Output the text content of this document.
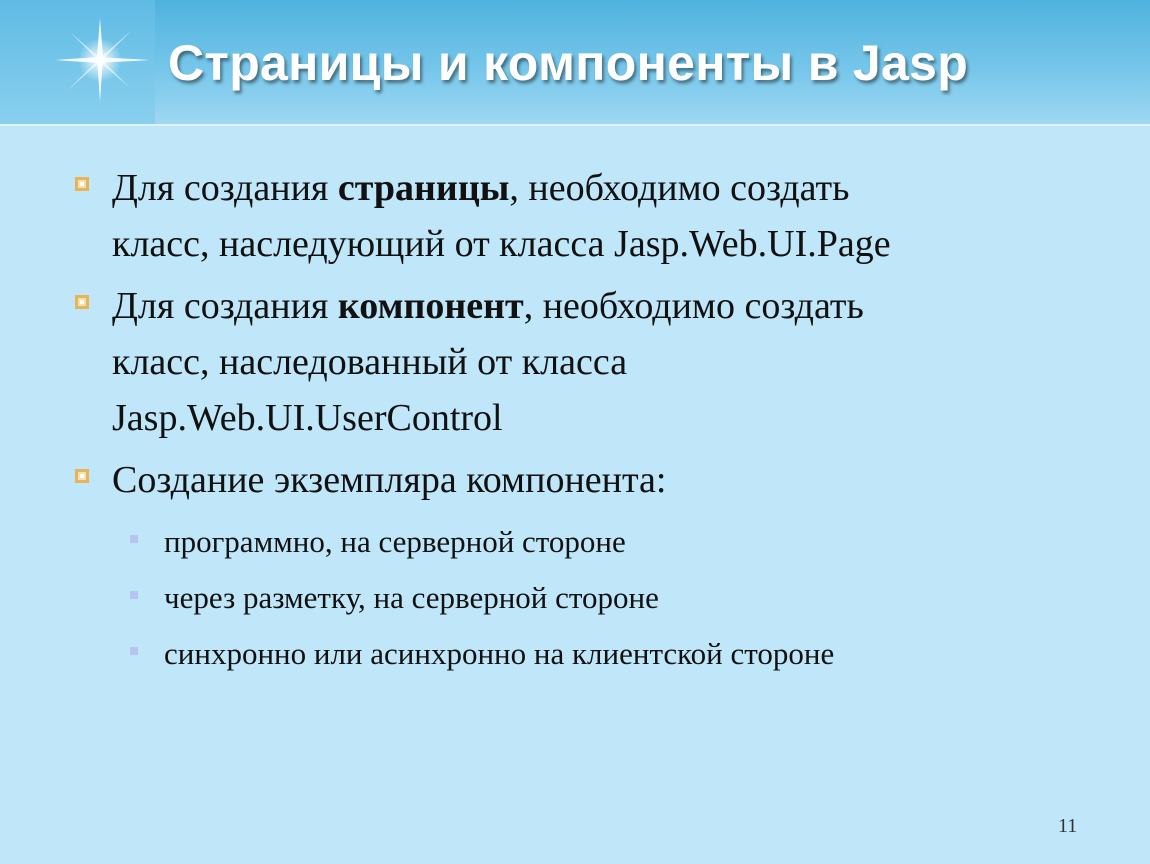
Страницы и компоненты в Jasp
Для создания страницы, необходимо создать
класс, наследующий от класса Jasp.Web.UI.Page
Для создания компонент, необходимо создать
класс, наследованный от класса
Jasp.Web.UI.UserControl
Создание экземпляра компонента:
программно, на серверной стороне
через разметку, на серверной стороне
синхронно или асинхронно на клиентской стороне
11
